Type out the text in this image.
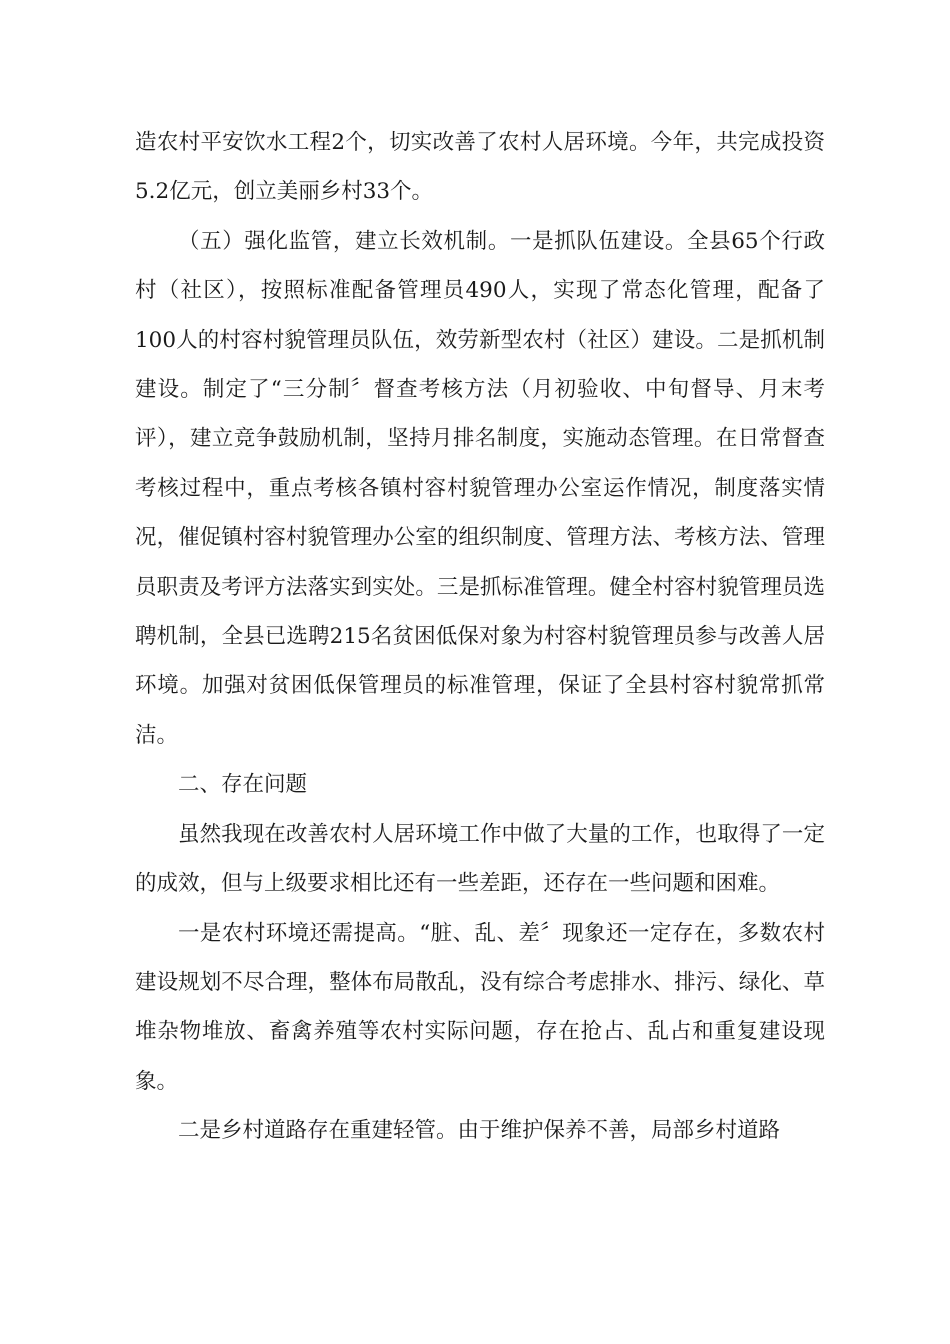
造农村平安饮水工程2个，切实改善了农村人居环境。今年，共完成投资5.2亿元，创立美丽乡村33个。

（五）强化监管，建立长效机制。一是抓队伍建设。全县65个行政村（社区），按照标准配备管理员490人，实现了常态化管理，配备了100人的村容村貌管理员队伍，效劳新型农村（社区）建设。二是抓机制建设。制定了“三分制〞督查考核方法（月初验收、中旬督导、月末考评），建立竞争鼓励机制，坚持月排名制度，实施动态管理。在日常督查考核过程中，重点考核各镇村容村貌管理办公室运作情况，制度落实情况，催促镇村容村貌管理办公室的组织制度、管理方法、考核方法、管理员职责及考评方法落实到实处。三是抓标准管理。健全村容村貌管理员选聘机制，全县已选聘215名贫困低保对象为村容村貌管理员参与改善人居环境。加强对贫困低保管理员的标准管理，保证了全县村容村貌常抓常洁。

二、存在问题

虽然我现在改善农村人居环境工作中做了大量的工作，也取得了一定的成效，但与上级要求相比还有一些差距，还存在一些问题和困难。

一是农村环境还需提高。“脏、乱、差〞现象还一定存在，多数农村建设规划不尽合理，整体布局散乱，没有综合考虑排水、排污、绿化、草堆杂物堆放、畜禽养殖等农村实际问题，存在抢占、乱占和重复建设现象。

二是乡村道路存在重建轻管。由于维护保养不善，局部乡村道路
